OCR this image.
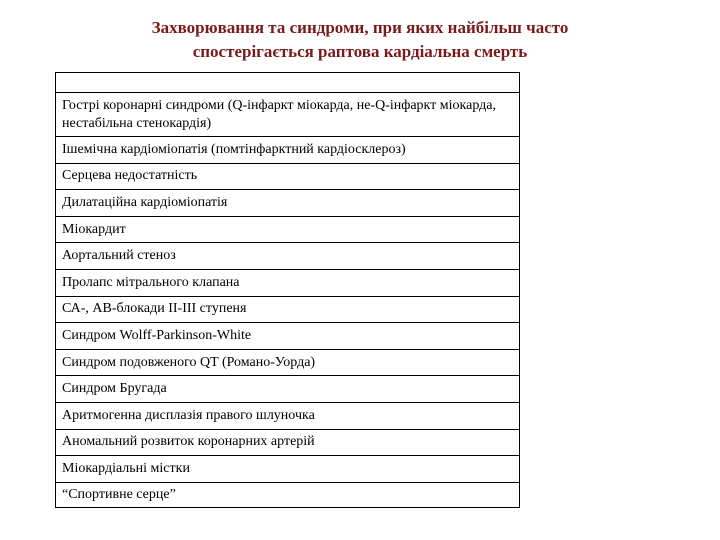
Захворювання та синдроми, при яких найбільш часто
спостерігається раптова кардіальна смерть
Гострі коронарні синдроми (Q-інфаркт міокарда, не-Q-інфаркт міокарда, нестабільна стенокардія)
Ішемічна кардіоміопатія (помтінфарктний кардіосклероз)
Серцева недостатність
Дилатаційна кардіоміопатія
Міокардит
Аортальний стеноз
Пролапс мітрального клапана
СА-, АВ-блокади ІІ-ІІІ ступеня
Синдром Wolff-Parkinson-White
Синдром подовженого QT (Романо-Уорда)
Синдром Бругада
Аритмогенна дисплазія правого шлуночка
Аномальний розвиток коронарних артерій
Міокардіальні містки
“Спортивне серце”
